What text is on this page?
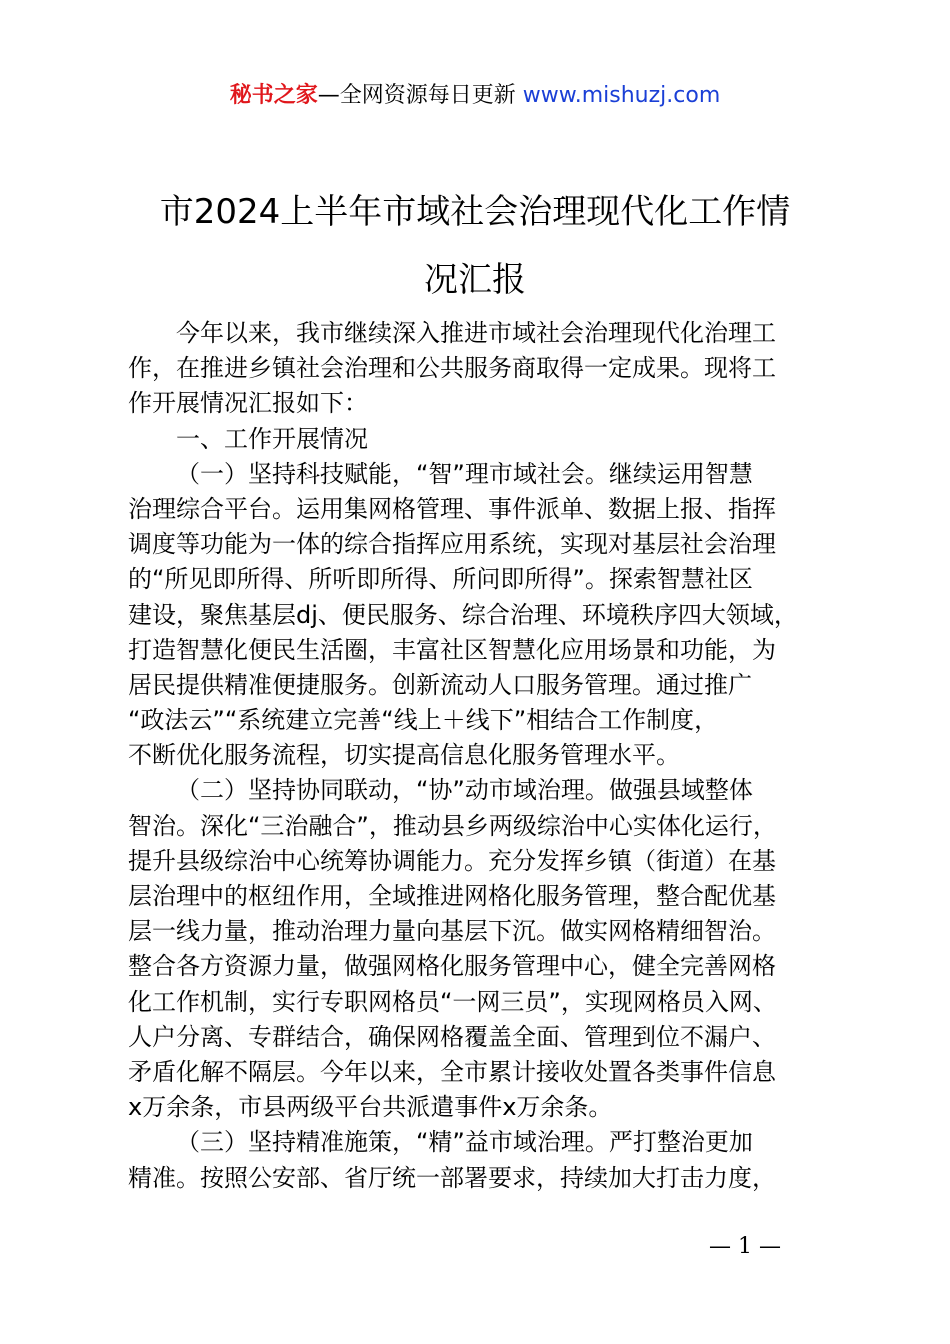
秘书之家—全网资源每日更新 www.mishuzj.com
市2024上半年市域社会治理现代化工作情
况汇报
今年以来，我市继续深入推进市域社会治理现代化治理工
作，在推进乡镇社会治理和公共服务商取得一定成果。现将工
作开展情况汇报如下：
一、工作开展情况
（一）坚持科技赋能，“智”理市域社会。继续运用智慧
治理综合平台。运用集网格管理、事件派单、数据上报、指挥
调度等功能为一体的综合指挥应用系统，实现对基层社会治理
的“所见即所得、所听即所得、所问即所得”。探索智慧社区
建设，聚焦基层dj、便民服务、综合治理、环境秩序四大领域，
打造智慧化便民生活圈，丰富社区智慧化应用场景和功能，为
居民提供精准便捷服务。创新流动人口服务管理。通过推广
“政法云”“系统建立完善“线上＋线下”相结合工作制度，
不断优化服务流程，切实提高信息化服务管理水平。
（二）坚持协同联动，“协”动市域治理。做强县域整体
智治。深化“三治融合”，推动县乡两级综治中心实体化运行，
提升县级综治中心统筹协调能力。充分发挥乡镇（街道）在基
层治理中的枢纽作用，全域推进网格化服务管理，整合配优基
层一线力量，推动治理力量向基层下沉。做实网格精细智治。
整合各方资源力量，做强网格化服务管理中心，健全完善网格
化工作机制，实行专职网格员“一网三员”，实现网格员入网、
人户分离、专群结合，确保网格覆盖全面、管理到位不漏户、
矛盾化解不隔层。今年以来，全市累计接收处置各类事件信息
x万余条，市县两级平台共派遣事件x万余条。
（三）坚持精准施策，“精”益市域治理。严打整治更加
精准。按照公安部、省厅统一部署要求，持续加大打击力度，
— 1 —
